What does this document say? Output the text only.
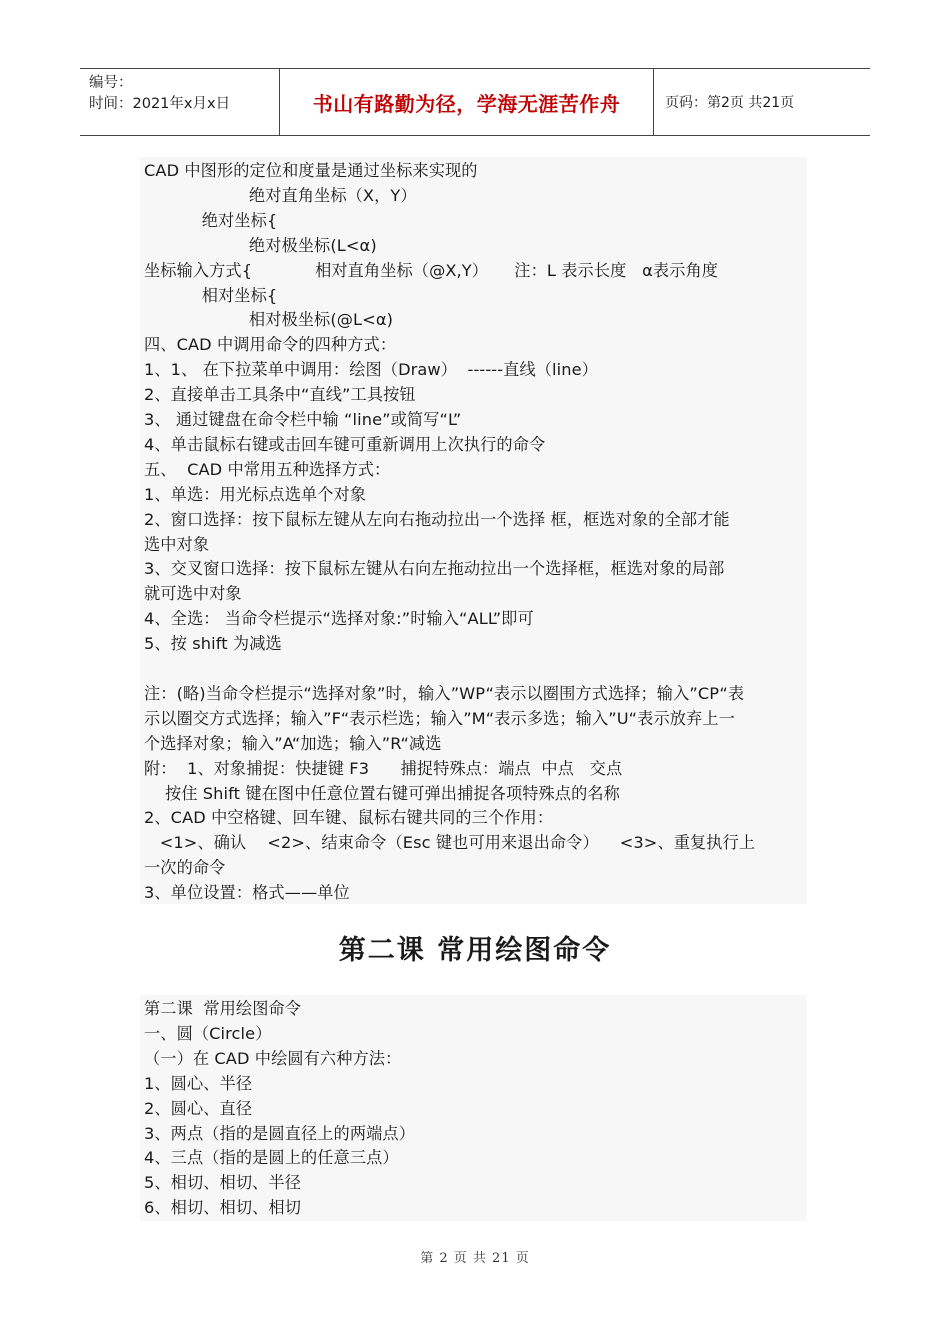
编号：
时间：2021年x月x日	书山有路勤为径，学海无涯苦作舟	页码：第2页 共21页
CAD 中图形的定位和度量是通过坐标来实现的
绝对直角坐标（X，Y）
绝对坐标{
绝对极坐标(L<α)
坐标输入方式{            相对直角坐标（@X,Y）     注：L 表示长度   α表示角度
相对坐标{
相对极坐标(@L<α)
四、CAD 中调用命令的四种方式：
1、1、 在下拉菜单中调用：绘图（Draw）  ------直线（line）
2、直接单击工具条中“直线”工具按钮
3、 通过键盘在命令栏中输 “line”或简写“L”
4、单击鼠标右键或击回车键可重新调用上次执行的命令
五、  CAD 中常用五种选择方式：
1、单选：用光标点选单个对象
2、窗口选择：按下鼠标左键从左向右拖动拉出一个选择 框，框选对象的全部才能
选中对象
3、交叉窗口选择：按下鼠标左键从右向左拖动拉出一个选择框，框选对象的局部
就可选中对象
4、全选： 当命令栏提示“选择对象:”时输入“ALL”即可
5、按 shift 为减选
注：(略)当命令栏提示“选择对象”时，输入”WP“表示以圈围方式选择；输入”CP“表
示以圈交方式选择；输入”F“表示栏选；输入”M“表示多选；输入”U“表示放弃上一
个选择对象；输入”A“加选；输入”R“减选
附：  1、对象捕捉：快捷键 F3      捕捉特殊点：端点  中点   交点
按住 Shift 键在图中任意位置右键可弹出捕捉各项特殊点的名称
2、CAD 中空格键、回车键、鼠标右键共同的三个作用：
<1>、确认    <2>、结束命令（Esc 键也可用来退出命令）    <3>、重复执行上
一次的命令
3、单位设置：格式——单位
第二课 常用绘图命令
第二课  常用绘图命令
一、圆（Circle）
（一）在 CAD 中绘圆有六种方法：
1、圆心、半径
2、圆心、直径
3、两点（指的是圆直径上的两端点）
4、三点（指的是圆上的任意三点）
5、相切、相切、半径
6、相切、相切、相切
第 2 页 共 21 页
